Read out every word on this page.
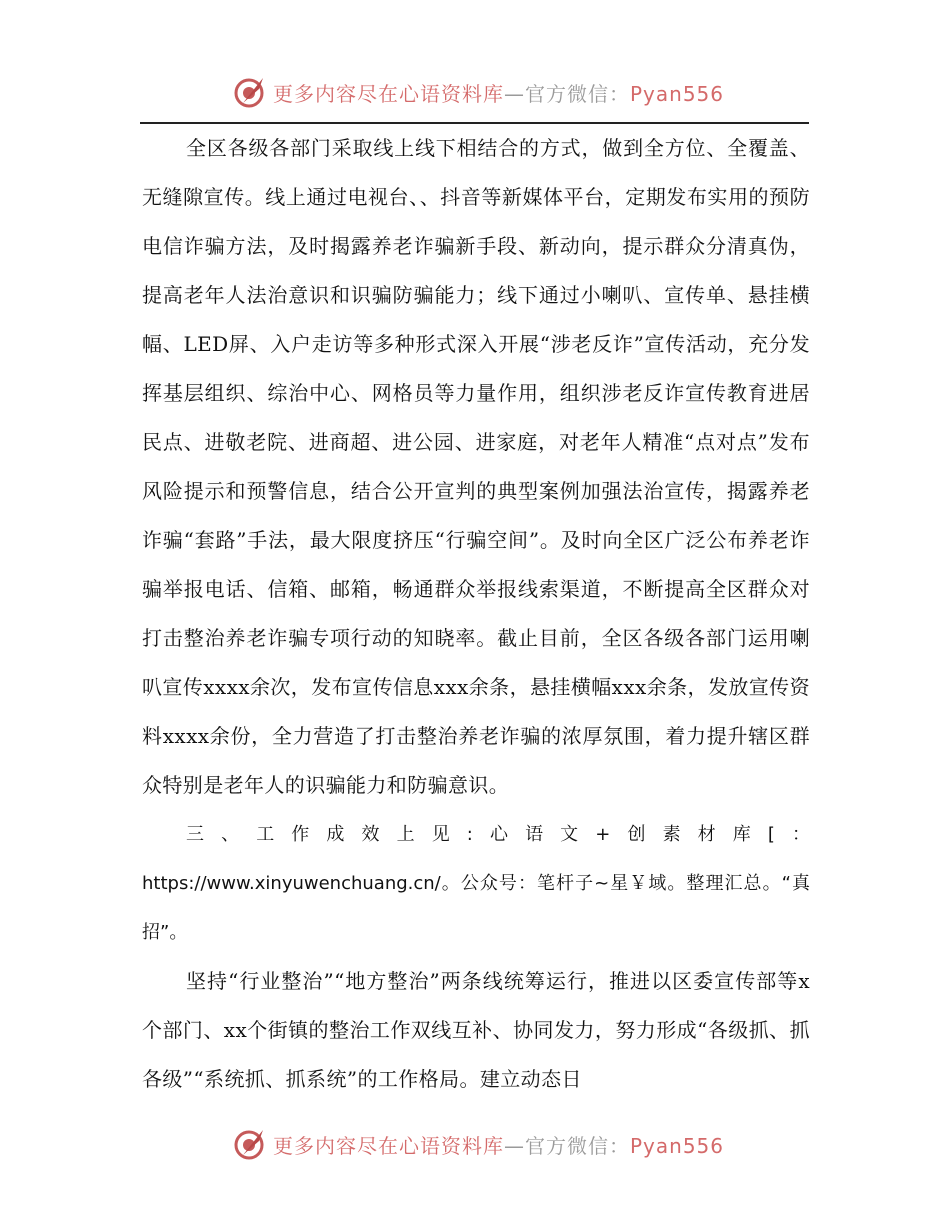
更多内容尽在心语资料库—官方微信：Pyan556

全区各级各部门采取线上线下相结合的方式，做到全方位、全覆盖、无缝隙宣传。线上通过电视台、、抖音等新媒体平台，定期发布实用的预防电信诈骗方法，及时揭露养老诈骗新手段、新动向，提示群众分清真伪，提高老年人法治意识和识骗防骗能力；线下通过小喇叭、宣传单、悬挂横幅、LED屏、入户走访等多种形式深入开展“涉老反诈”宣传活动，充分发挥基层组织、综治中心、网格员等力量作用，组织涉老反诈宣传教育进居民点、进敬老院、进商超、进公园、进家庭，对老年人精准“点对点”发布风险提示和预警信息，结合公开宣判的典型案例加强法治宣传，揭露养老诈骗“套路”手法，最大限度挤压“行骗空间”。及时向全区广泛公布养老诈骗举报电话、信箱、邮箱，畅通群众举报线索渠道，不断提高全区群众对打击整治养老诈骗专项行动的知晓率。截止目前，全区各级各部门运用喇叭宣传xxxx余次，发布宣传信息xxx余条，悬挂横幅xxx余条，发放宣传资料xxxx余份，全力营造了打击整治养老诈骗的浓厚氛围，着力提升辖区群众特别是老年人的识骗能力和防骗意识。

三、工作成效上见:心语文+创素材库[：https://www.xinyuwenchuang.cn/。公众号：笔杆子~星￥域。整理汇总。“真招”。

坚持“行业整治”“地方整治”两条线统筹运行，推进以区委宣传部等x个部门、xx个街镇的整治工作双线互补、协同发力，努力形成“各级抓、抓各级”“系统抓、抓系统”的工作格局。建立动态日

更多内容尽在心语资料库—官方微信：Pyan556
